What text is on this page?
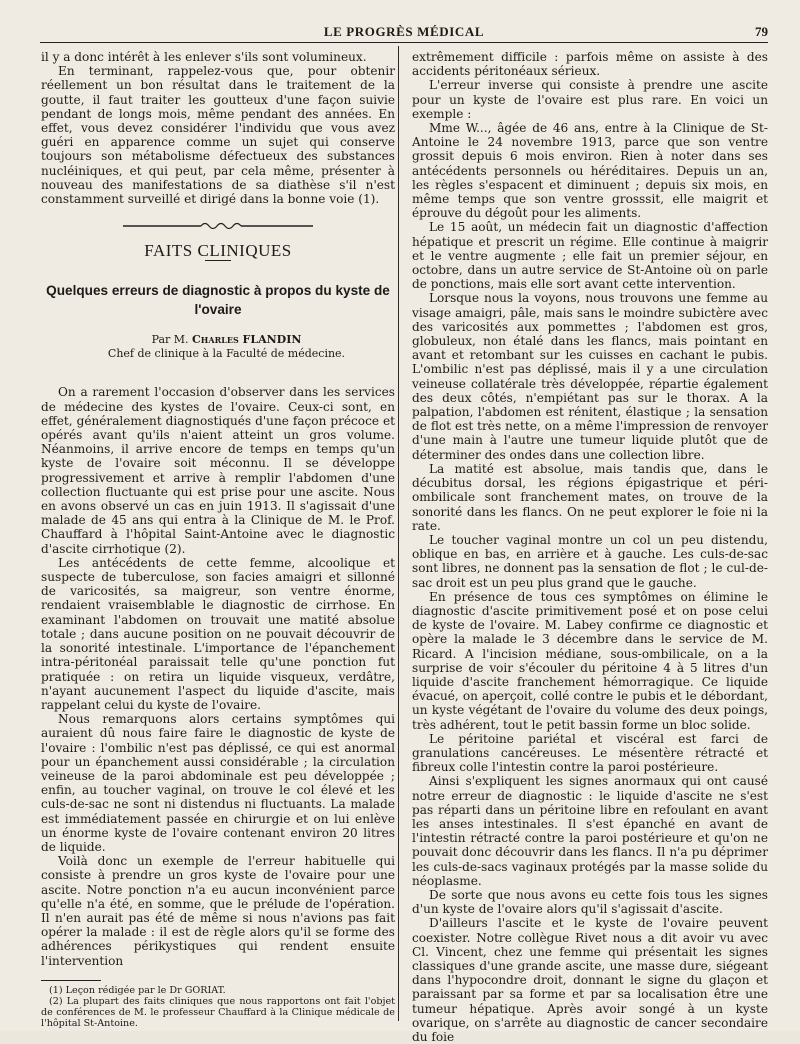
LE PROGRÈS MÉDICAL	79

il y a donc intérêt à les enlever s'ils sont volumineux.

En terminant, rappelez-vous que, pour obtenir réellement un bon résultat dans le traitement de la goutte, il faut traiter les goutteux d'une façon suivie pendant de longs mois, même pendant des années. En effet, vous devez considérer l'individu que vous avez guéri en apparence comme un sujet qui conserve toujours son métabolisme défectueux des substances nucléiniques, et qui peut, par cela même, présenter à nouveau des manifestations de sa diathèse s'il n'est constamment surveillé et dirigé dans la bonne voie (1).

FAITS CLINIQUES
Quelques erreurs de diagnostic à propos du kyste de l'ovaire

Par M. Charles FLANDIN

Chef de clinique à la Faculté de médecine.

On a rarement l'occasion d'observer dans les services de médecine des kystes de l'ovaire. Ceux-ci sont, en effet, généralement diagnostiqués d'une façon précoce et opérés avant qu'ils n'aient atteint un gros volume. Néanmoins, il arrive encore de temps en temps qu'un kyste de l'ovaire soit méconnu. Il se développe progressivement et arrive à remplir l'abdomen d'une collection fluctuante qui est prise pour une ascite. Nous en avons observé un cas en juin 1913. Il s'agissait d'une malade de 45 ans qui entra à la Clinique de M. le Prof. Chauffard à l'hôpital Saint-Antoine avec le diagnostic d'ascite cirrhotique (2).

Les antécédents de cette femme, alcoolique et suspecte de tuberculose, son facies amaigri et sillonné de varicosités, sa maigreur, son ventre énorme, rendaient vraisemblable le diagnostic de cirrhose. En examinant l'abdomen on trouvait une matité absolue totale ; dans aucune position on ne pouvait découvrir de la sonorité intestinale. L'importance de l'épanchement intra-péritonéal paraissait telle qu'une ponction fut pratiquée : on retira un liquide visqueux, verdâtre, n'ayant aucunement l'aspect du liquide d'ascite, mais rappelant celui du kyste de l'ovaire.

Nous remarquons alors certains symptômes qui auraient dû nous faire faire le diagnostic de kyste de l'ovaire : l'ombilic n'est pas déplissé, ce qui est anormal pour un épanchement aussi considérable ; la circulation veineuse de la paroi abdominale est peu développée ; enfin, au toucher vaginal, on trouve le col élevé et les culs-de-sac ne sont ni distendus ni fluctuants. La malade est immédiatement passée en chirurgie et on lui enlève un énorme kyste de l'ovaire contenant environ 20 litres de liquide.

Voilà donc un exemple de l'erreur habituelle qui consiste à prendre un gros kyste de l'ovaire pour une ascite. Notre ponction n'a eu aucun inconvénient parce qu'elle n'a été, en somme, que le prélude de l'opération. Il n'en aurait pas été de même si nous n'avions pas fait opérer la malade : il est de règle alors qu'il se forme des adhérences périkystiques qui rendent ensuite l'intervention

(1) Leçon rédigée par le Dr GORIAT.

(2) La plupart des faits cliniques que nous rapportons ont fait l'objet de conférences de M. le professeur Chauffard à la Clinique médicale de l'hôpital St-Antoine.

extrêmement difficile : parfois même on assiste à des accidents péritonéaux sérieux.

L'erreur inverse qui consiste à prendre une ascite pour un kyste de l'ovaire est plus rare. En voici un exemple :

Mme W..., âgée de 46 ans, entre à la Clinique de St-Antoine le 24 novembre 1913, parce que son ventre grossit depuis 6 mois environ. Rien à noter dans ses antécédents personnels ou héréditaires. Depuis un an, les règles s'espacent et diminuent ; depuis six mois, en même temps que son ventre grosssit, elle maigrit et éprouve du dégoût pour les aliments.

Le 15 août, un médecin fait un diagnostic d'affection hépatique et prescrit un régime. Elle continue à maigrir et le ventre augmente ; elle fait un premier séjour, en octobre, dans un autre service de St-Antoine où on parle de ponctions, mais elle sort avant cette intervention.

Lorsque nous la voyons, nous trouvons une femme au visage amaigri, pâle, mais sans le moindre subictère avec des varicosités aux pommettes ; l'abdomen est gros, globuleux, non étalé dans les flancs, mais pointant en avant et retombant sur les cuisses en cachant le pubis. L'ombilic n'est pas déplissé, mais il y a une circulation veineuse collatérale très développée, répartie également des deux côtés, n'empiétant pas sur le thorax. A la palpation, l'abdomen est rénitent, élastique ; la sensation de flot est très nette, on a même l'impression de renvoyer d'une main à l'autre une tumeur liquide plutôt que de déterminer des ondes dans une collection libre.

La matité est absolue, mais tandis que, dans le décubitus dorsal, les régions épigastrique et péri-ombilicale sont franchement mates, on trouve de la sonorité dans les flancs. On ne peut explorer le foie ni la rate.

Le toucher vaginal montre un col un peu distendu, oblique en bas, en arrière et à gauche. Les culs-de-sac sont libres, ne donnent pas la sensation de flot ; le cul-de-sac droit est un peu plus grand que le gauche.

En présence de tous ces symptômes on élimine le diagnostic d'ascite primitivement posé et on pose celui de kyste de l'ovaire. M. Labey confirme ce diagnostic et opère la malade le 3 décembre dans le service de M. Ricard. A l'incision médiane, sous-ombilicale, on a la surprise de voir s'écouler du péritoine 4 à 5 litres d'un liquide d'ascite franchement hémorragique. Ce liquide évacué, on aperçoit, collé contre le pubis et le débordant, un kyste végétant de l'ovaire du volume des deux poings, très adhérent, tout le petit bassin forme un bloc solide.

Le péritoine pariétal et viscéral est farci de granulations cancéreuses. Le mésentère rétracté et fibreux colle l'intestin contre la paroi postérieure.

Ainsi s'expliquent les signes anormaux qui ont causé notre erreur de diagnostic : le liquide d'ascite ne s'est pas réparti dans un péritoine libre en refoulant en avant les anses intestinales. Il s'est épanché en avant de l'intestin rétracté contre la paroi postérieure et qu'on ne pouvait donc découvrir dans les flancs. Il n'a pu déprimer les culs-de-sacs vaginaux protégés par la masse solide du néoplasme.

De sorte que nous avons eu cette fois tous les signes d'un kyste de l'ovaire alors qu'il s'agissait d'ascite.

D'ailleurs l'ascite et le kyste de l'ovaire peuvent coexister. Notre collègue Rivet nous a dit avoir vu avec Cl. Vincent, chez une femme qui présentait les signes classiques d'une grande ascite, une masse dure, siégeant dans l'hypocondre droit, donnant le signe du glaçon et paraissant par sa forme et par sa localisation être une tumeur hépatique. Après avoir songé à un kyste ovarique, on s'arrête au diagnostic de cancer secondaire du foie
